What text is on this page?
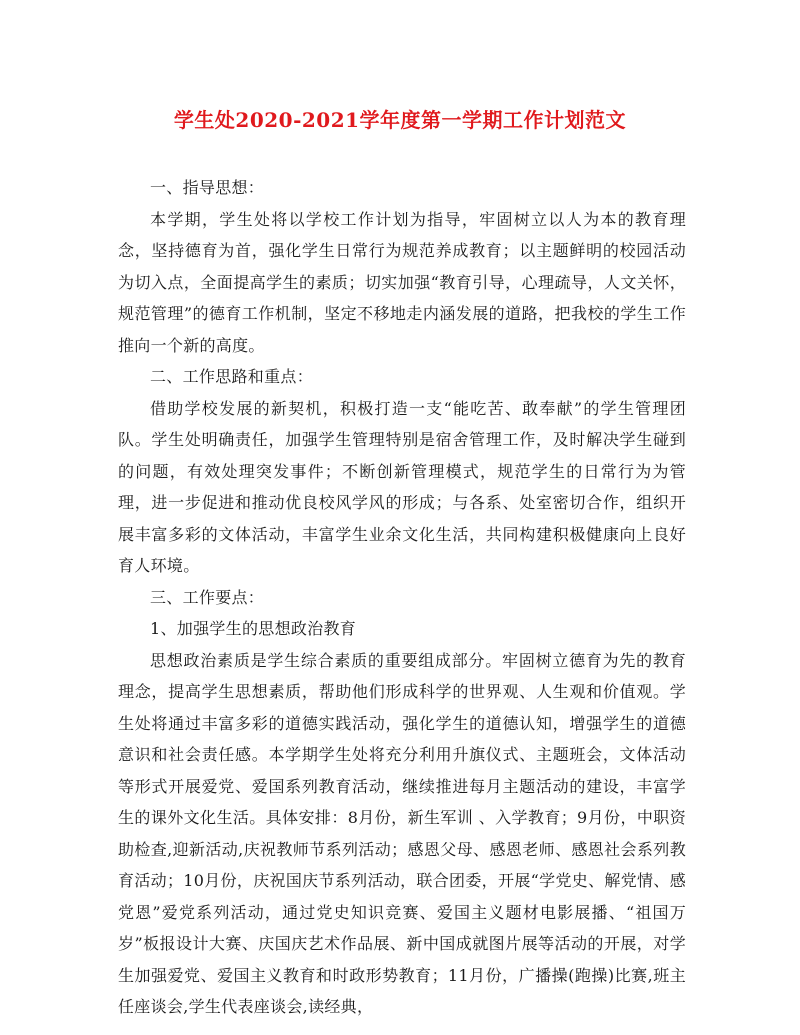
学生处2020-2021学年度第一学期工作计划范文

一、指导思想：

本学期，学生处将以学校工作计划为指导，牢固树立以人为本的教育理念，坚持德育为首，强化学生日常行为规范养成教育；以主题鲜明的校园活动为切入点，全面提高学生的素质；切实加强“教育引导，心理疏导，人文关怀，规范管理”的德育工作机制，坚定不移地走内涵发展的道路，把我校的学生工作推向一个新的高度。

二、工作思路和重点：

借助学校发展的新契机，积极打造一支“能吃苦、敢奉献”的学生管理团队。学生处明确责任，加强学生管理特别是宿舍管理工作，及时解决学生碰到的问题，有效处理突发事件；不断创新管理模式，规范学生的日常行为为管理，进一步促进和推动优良校风学风的形成；与各系、处室密切合作，组织开展丰富多彩的文体活动，丰富学生业余文化生活，共同构建积极健康向上良好育人环境。

三、工作要点：

1、加强学生的思想政治教育

思想政治素质是学生综合素质的重要组成部分。牢固树立德育为先的教育理念，提高学生思想素质，帮助他们形成科学的世界观、人生观和价值观。学生处将通过丰富多彩的道德实践活动，强化学生的道德认知，增强学生的道德意识和社会责任感。本学期学生处将充分利用升旗仪式、主题班会，文体活动等形式开展爱党、爱国系列教育活动，继续推进每月主题活动的建设，丰富学生的课外文化生活。具体安排：8月份，新生军训 、入学教育；9月份，中职资助检查,迎新活动,庆祝教师节系列活动；感恩父母、感恩老师、感恩社会系列教育活动；10月份，庆祝国庆节系列活动，联合团委，开展“学党史、解党情、感党恩”爱党系列活动，通过党史知识竞赛、爱国主义题材电影展播、“祖国万岁”板报设计大赛、庆国庆艺术作品展、新中国成就图片展等活动的开展，对学生加强爱党、爱国主义教育和时政形势教育；11月份，广播操(跑操)比赛,班主任座谈会,学生代表座谈会,读经典，
